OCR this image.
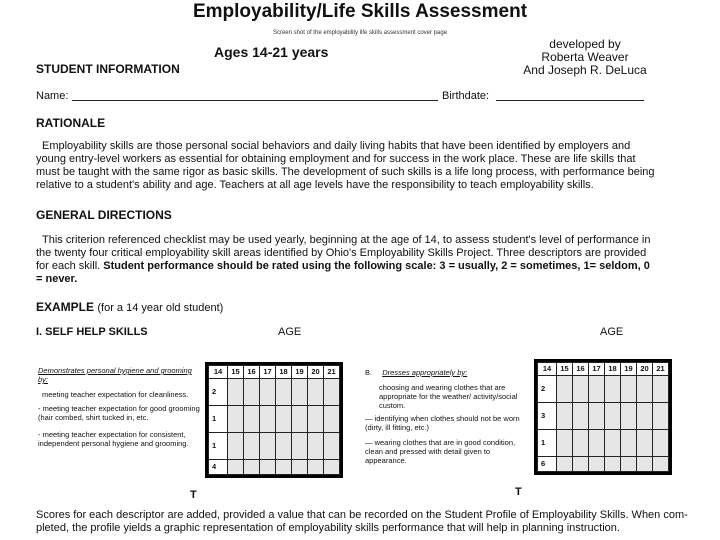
Employability/Life Skills Assessment
Screen shot of the employability life skills assessment cover page
Ages 14-21 years	developed by
Roberta Weaver
And Joseph R. DeLuca
STUDENT INFORMATION
Name:	Birthdate:
RATIONALE
Employability skills are those personal social behaviors and daily living habits that have been identified by employers and
young entry-level workers as essential for obtaining employment and for success in the work place. These are life skills that
must be taught with the same rigor as basic skills. The development of such skills is a life long process, with performance being
relative to a student's ability and age. Teachers at all age levels have the responsibility to teach employability skills.
GENERAL DIRECTIONS
This criterion referenced checklist may be used yearly, beginning at the age of 14, to assess student's level of performance in
the twenty four critical employability skill areas identified by Ohio's Employability Skills Project. Three descriptors are provided
for each skill. Student performance should be rated using the following scale: 3 = usually, 2 = sometimes, 1= seldom, 0
= never.
EXAMPLE (for a 14 year old student)
I. SELF HELP SKILLS	AGE	AGE
Demonstrates personal hygiene and grooming by:
meeting teacher expectation for cleanliness.
- meeting teacher expectation for good grooming (hair combed, shirt tucked in, etc.
- meeting teacher expectation for consistent, independent personal hygiene and grooming.
14	15	16	17	18	19	20	21
2							
1							
1							
4							
T
B. Dresses appropriately by:
choosing and wearing clothes that are appropriate for the weather/ activity/social custom.
— identifying when clothes should not be worn (dirty, ill fitting, etc.)
— wearing clothes that are in good condition, clean and pressed with detail given to appearance.
14	15	16	17	18	19	20	21
2							
3							
1							
6							
T
Scores for each descriptor are added, provided a value that can be recorded on the Student Profile of Employability Skills. When com-
pleted, the profile yields a graphic representation of employability skills performance that will help in planning instruction.
